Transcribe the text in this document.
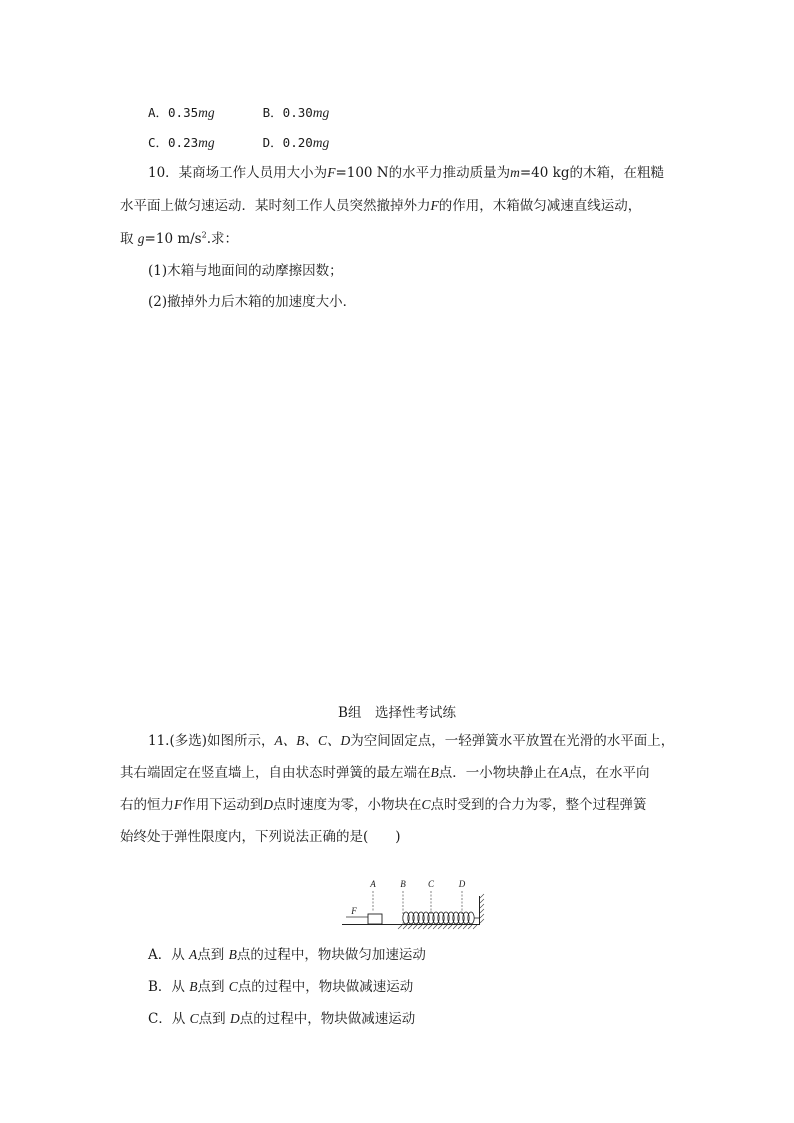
A．0.35mg	B．0.30mg
C．0.23mg	D．0.20mg
10．某商场工作人员用大小为F=100 N的水平力推动质量为m=40 kg的木箱，在粗糙
水平面上做匀速运动．某时刻工作人员突然撤掉外力F的作用，木箱做匀减速直线运动，
取 g=10 $m/s^2$.求：
(1)木箱与地面间的动摩擦因数；
(2)撤掉外力后木箱的加速度大小．
B组　选择性考试练
11.(多选)如图所示，A、B、C、D为空间固定点，一轻弹簧水平放置在光滑的水平面上，
其右端固定在竖直墙上，自由状态时弹簧的最左端在B点．一小物块静止在A点，在水平向
右的恒力F作用下运动到D点时速度为零，小物块在C点时受到的合力为零，整个过程弹簧
始终处于弹性限度内，下列说法正确的是(　　)
A	B C	D
F
A．从 A点到 B点的过程中，物块做匀加速运动
B．从 B点到 C点的过程中，物块做减速运动
C．从 C点到 D点的过程中，物块做减速运动
